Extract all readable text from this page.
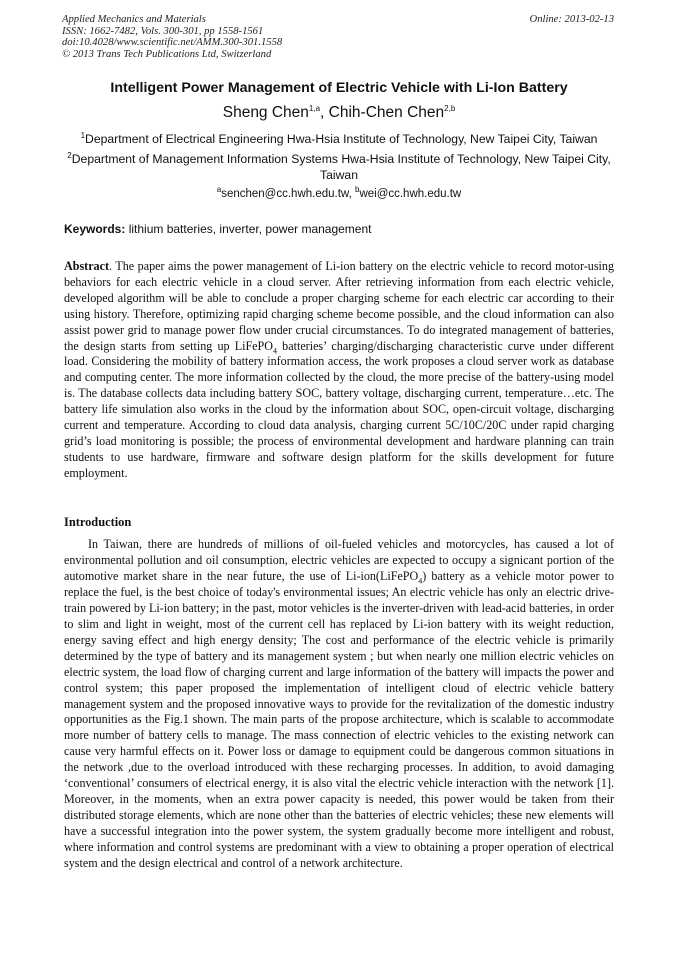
Applied Mechanics and Materials
ISSN: 1662-7482, Vols. 300-301, pp 1558-1561
doi:10.4028/www.scientific.net/AMM.300-301.1558
© 2013 Trans Tech Publications Ltd, Switzerland
Online: 2013-02-13
Intelligent Power Management of Electric Vehicle with Li-Ion Battery
Sheng Chen$^{1,a}$, Chih-Chen Chen$^{2,b}$
$^1$Department of Electrical Engineering Hwa-Hsia Institute of Technology, New Taipei City, Taiwan
$^2$Department of Management Information Systems Hwa-Hsia Institute of Technology, New Taipei City, Taiwan
$^a$senchen@cc.hwh.edu.tw, $^b$wei@cc.hwh.edu.tw
Keywords: lithium batteries, inverter, power management

Abstract. The paper aims the power management of Li-ion battery on the electric vehicle to record motor-using behaviors for each electric vehicle in a cloud server. After retrieving information from each electric vehicle, developed algorithm will be able to conclude a proper charging scheme for each electric car according to their using history. Therefore, optimizing rapid charging scheme become possible, and the cloud information can also assist power grid to manage power flow under crucial circumstances. To do integrated management of batteries, the design starts from setting up LiFePO$_4$ batteries’ charging/discharging characteristic curve under different load. Considering the mobility of battery information access, the work proposes a cloud server work as database and computing center. The more information collected by the cloud, the more precise of the battery-using model is. The database collects data including battery SOC, battery voltage, discharging current, temperature…etc. The battery life simulation also works in the cloud by the information about SOC, open-circuit voltage, discharging current and temperature. According to cloud data analysis, charging current 5C/10C/20C under rapid charging grid’s load monitoring is possible; the process of environmental development and hardware planning can train students to use hardware, firmware and software design platform for the skills development for future employment.

Introduction

In Taiwan, there are hundreds of millions of oil-fueled vehicles and motorcycles, has caused a lot of environmental pollution and oil consumption, electric vehicles are expected to occupy a signicant portion of the automotive market share in the near future, the use of Li-ion(LiFePO$_4$) battery as a vehicle motor power to replace the fuel, is the best choice of today's environmental issues; An electric vehicle has only an electric drive-train powered by Li-ion battery; in the past, motor vehicles is the inverter-driven with lead-acid batteries, in order to slim and light in weight, most of the current cell has replaced by Li-ion battery with its weight reduction, energy saving effect and high energy density; The cost and performance of the electric vehicle is primarily determined by the type of battery and its management system ; but when nearly one million electric vehicles on electric system, the load flow of charging current and large information of the battery will impacts the power and control system; this paper proposed the implementation of intelligent cloud of electric vehicle battery management system and the proposed innovative ways to provide for the revitalization of the domestic industry opportunities as the Fig.1 shown. The main parts of the propose architecture, which is scalable to accommodate more number of battery cells to manage. The mass connection of electric vehicles to the existing network can cause very harmful effects on it. Power loss or damage to equipment could be dangerous common situations in the network ,due to the overload introduced with these recharging processes. In addition, to avoid damaging ‘conventional’ consumers of electrical energy, it is also vital the electric vehicle interaction with the network [1]. Moreover, in the moments, when an extra power capacity is needed, this power would be taken from their distributed storage elements, which are none other than the batteries of electric vehicles; these new elements will have a successful integration into the power system, the system gradually become more intelligent and robust, where information and control systems are predominant with a view to obtaining a proper operation of electrical system and the design electrical and control of a network architecture.
